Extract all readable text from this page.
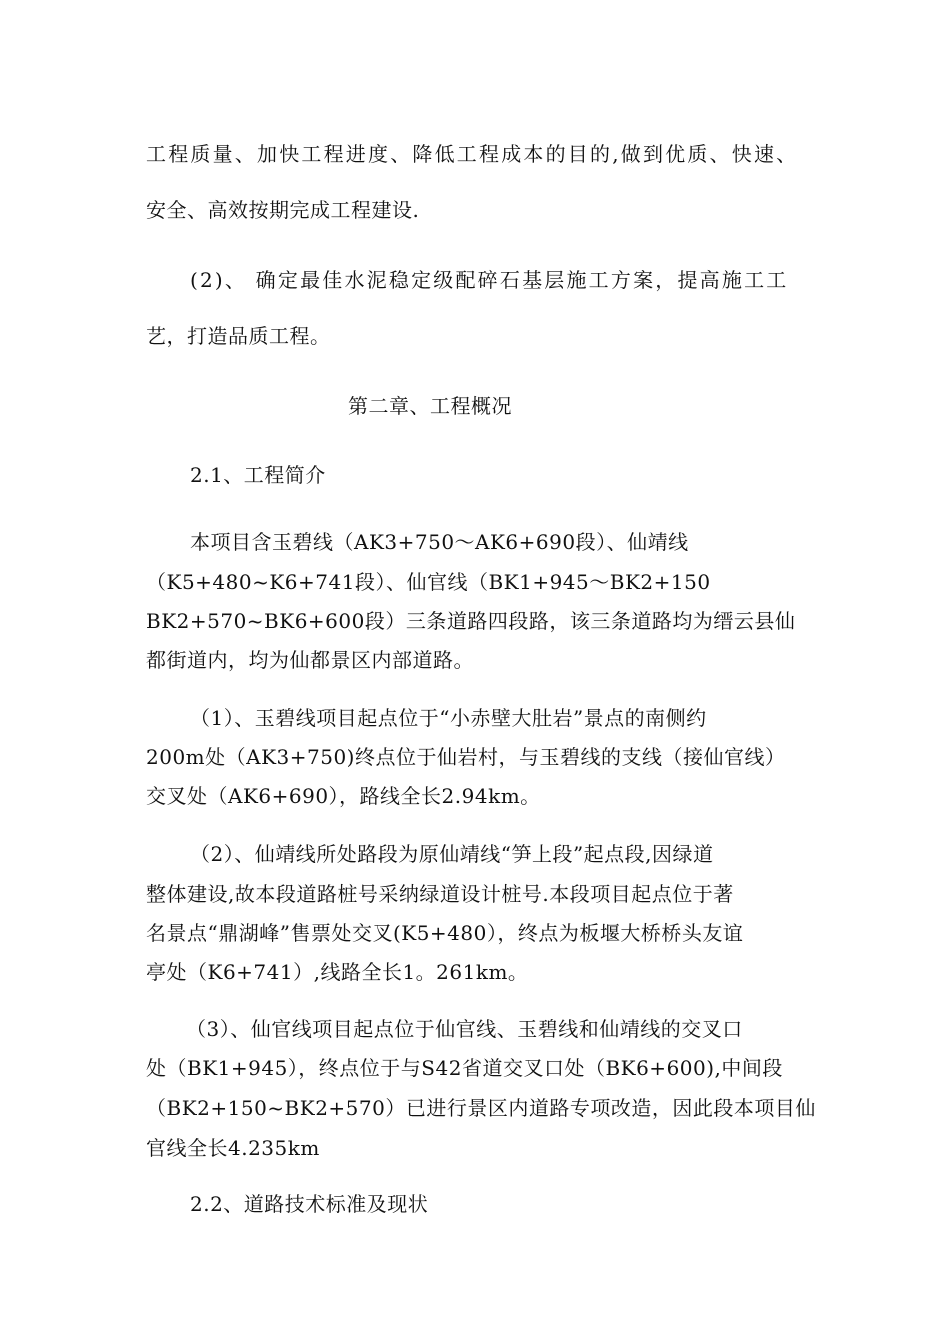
工程质量、加快工程进度、降低工程成本的目的,做到优质、快速、
安全、高效按期完成工程建设.
(2)、 确定最佳水泥稳定级配碎石基层施工方案，提高施工工
艺，打造品质工程。
第二章、工程概况
2.1、工程简介
本项目含玉碧线（AK3+750～AK6+690段）、仙靖线
（K5+480~K6+741段）、仙官线（BK1+945～BK2+150
BK2+570~BK6+600段）三条道路四段路，该三条道路均为缙云县仙
都街道内，均为仙都景区内部道路。
（1）、玉碧线项目起点位于“小赤壁大肚岩”景点的南侧约
200m处（AK3+750)终点位于仙岩村，与玉碧线的支线（接仙官线）
交叉处（AK6+690），路线全长2.94km。
（2）、仙靖线所处路段为原仙靖线“笋上段”起点段,因绿道
整体建设,故本段道路桩号采纳绿道设计桩号.本段项目起点位于著
名景点“鼎湖峰”售票处交叉(K5+480），终点为板堰大桥桥头友谊
亭处（K6+741）,线路全长1。261km。
（3）、仙官线项目起点位于仙官线、玉碧线和仙靖线的交叉口
处（BK1+945），终点位于与S42省道交叉口处（BK6+600),中间段
（BK2+150~BK2+570）已进行景区内道路专项改造，因此段本项目仙
官线全长4.235km
2.2、道路技术标准及现状
